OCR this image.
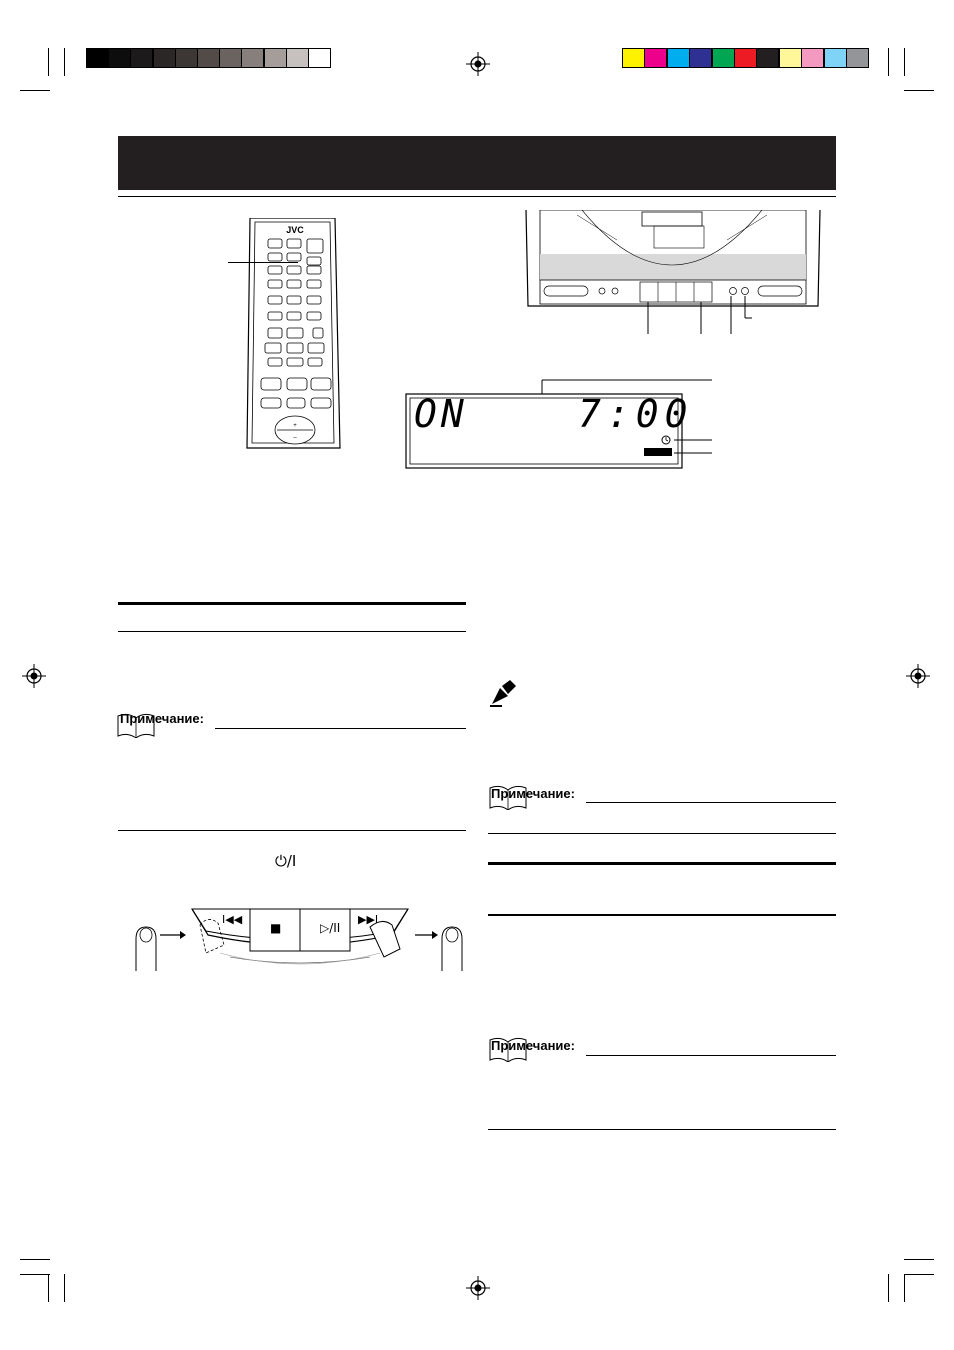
JVC
+
–
ON	7:00
Примечание:
⏻/I
I◀◀
■	▷/II
▶▶I
Примечание:
Примечание:
